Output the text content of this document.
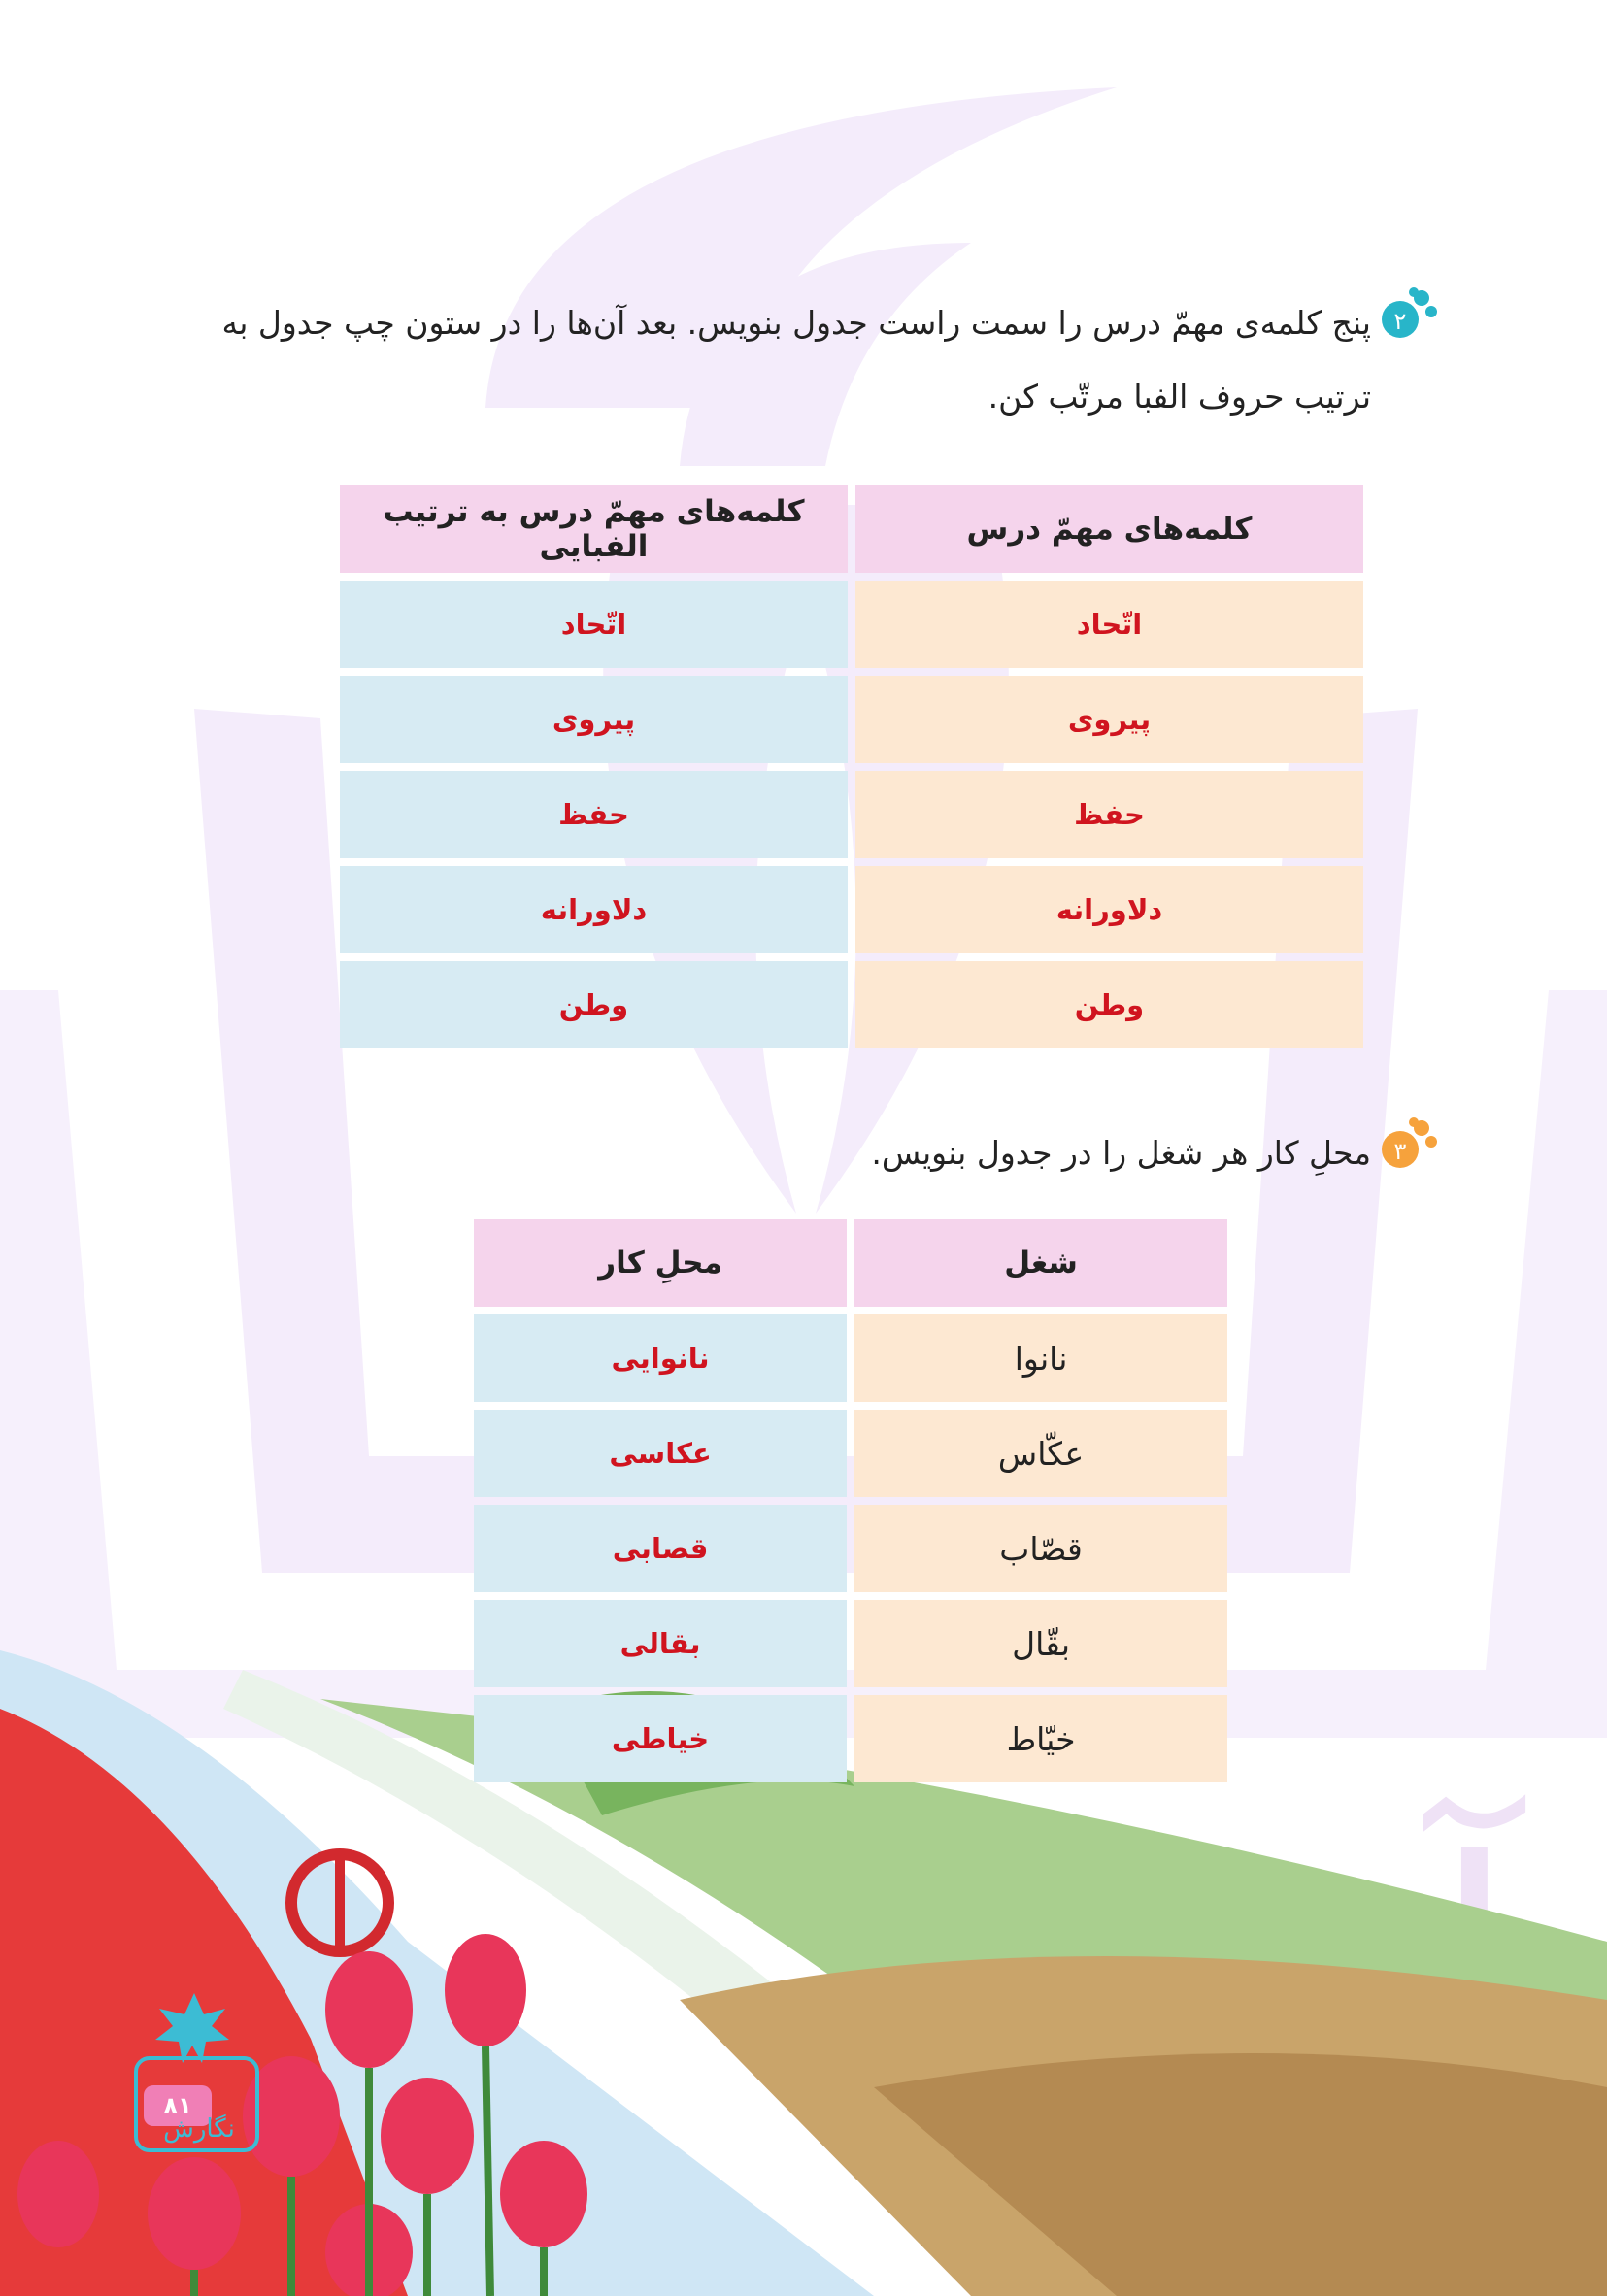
۲
پنج کلمه‌ی مهمّ درس را سمت راست جدول بنویس. بعد آن‌ها را در ستون چپ جدول به
ترتیب حروف الفبا مرتّب کن.
کلمه‌های مهمّ درس	کلمه‌های مهمّ درس به ترتیب الفبایی
اتّحاد	اتّحاد
پیروی	پیروی
حفظ	حفظ
دلاورانه	دلاورانه
وطن	وطن
۳
محلِ کار هر شغل را در جدول بنویس.
شغل	محلِ کار
نانوا	نانوایی
عکّاس	عکاسی
قصّاب	قصابی
بقّال	بقالی
خیّاط	خیاطی
۸۱
نگارش
